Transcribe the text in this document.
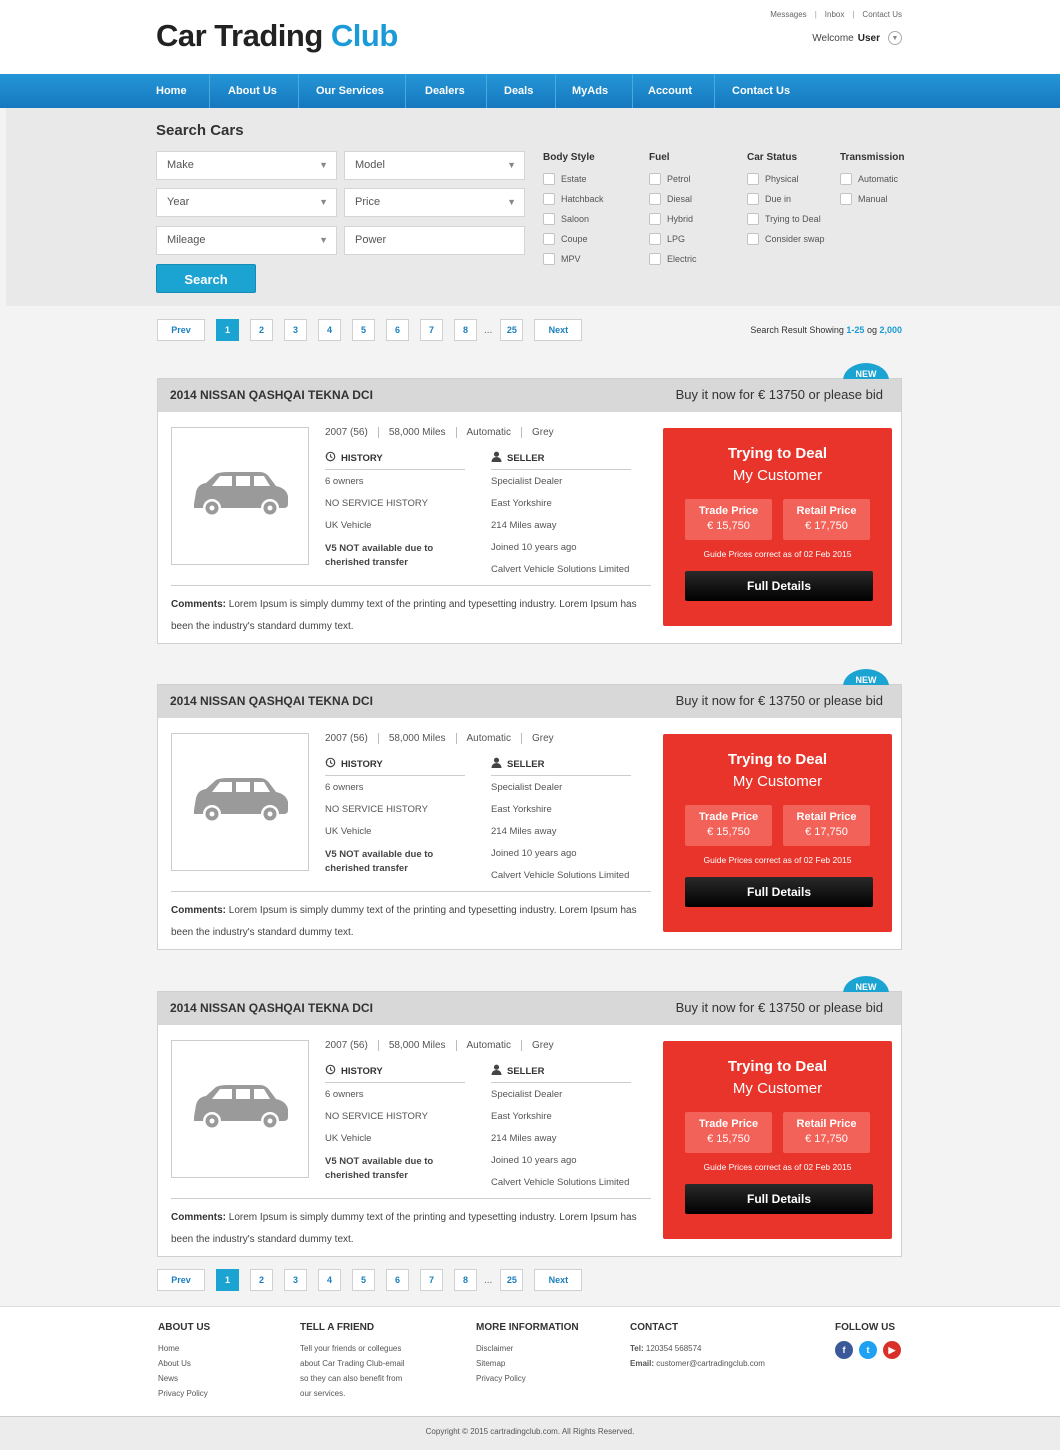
Car Trading Club
Messages | Inbox | Contact Us
Welcome User	▼
Home	About Us	Our Services	Dealers	Deals	MyAds	Account	Contact Us
Search Cars
Make	▼	Model	▼
Year	▼	Price	▼
Mileage	▼	Power
Search
Body Style
Estate
Hatchback
Saloon
Coupe
MPV
Fuel
Petrol
Diesal
Hybrid
LPG
Electric
Car Status
Physical
Due in
Trying to Deal
Consider swap
Transmission
Automatic
Manual
Prev	1	2	3	4	5	6	7	8	...	25	Next	Search Result Showing 1-25 og 2,000
NEW
2014 NISSAN QASHQAI TEKNA DCI	Buy it now for € 13750 or please bid
2007 (56)	58,000 Miles	Automatic	Grey
HISTORY
6 owners
NO SERVICE HISTORY
UK Vehicle
V5 NOT available due to cherished transfer
SELLER
Specialist Dealer
East Yorkshire
214 Miles away
Joined 10 years ago
Calvert Vehicle Solutions Limited
Comments: Lorem Ipsum is simply dummy text of the printing and typesetting industry. Lorem Ipsum has been the industry's standard dummy text.
Trying to Deal
My Customer
Trade Price
€ 15,750
Retail Price
€ 17,750
Guide Prices correct as of 02 Feb 2015
Full Details
NEW
2014 NISSAN QASHQAI TEKNA DCI	Buy it now for € 13750 or please bid
2007 (56)	58,000 Miles	Automatic	Grey
HISTORY
6 owners
NO SERVICE HISTORY
UK Vehicle
V5 NOT available due to cherished transfer
SELLER
Specialist Dealer
East Yorkshire
214 Miles away
Joined 10 years ago
Calvert Vehicle Solutions Limited
Comments: Lorem Ipsum is simply dummy text of the printing and typesetting industry. Lorem Ipsum has been the industry's standard dummy text.
Trying to Deal
My Customer
Trade Price
€ 15,750
Retail Price
€ 17,750
Guide Prices correct as of 02 Feb 2015
Full Details
NEW
2014 NISSAN QASHQAI TEKNA DCI	Buy it now for € 13750 or please bid
2007 (56)	58,000 Miles	Automatic	Grey
HISTORY
6 owners
NO SERVICE HISTORY
UK Vehicle
V5 NOT available due to cherished transfer
SELLER
Specialist Dealer
East Yorkshire
214 Miles away
Joined 10 years ago
Calvert Vehicle Solutions Limited
Comments: Lorem Ipsum is simply dummy text of the printing and typesetting industry. Lorem Ipsum has been the industry's standard dummy text.
Trying to Deal
My Customer
Trade Price
€ 15,750
Retail Price
€ 17,750
Guide Prices correct as of 02 Feb 2015
Full Details
Prev	1	2	3	4	5	6	7	8	...	25	Next
ABOUT US
Home
About Us
News
Privacy Policy
TELL A FRIEND
Tell your friends or collegues
about Car Trading Club-email
so they can also benefit from
our services.
MORE INFORMATION
Disclaimer
Sitemap
Privacy Policy
CONTACT
Tel: 120354 568574
Email: customer@cartradingclub.com
FOLLOW US
f	t	▶
Copyright © 2015 cartradingclub.com. All Rights Reserved.
